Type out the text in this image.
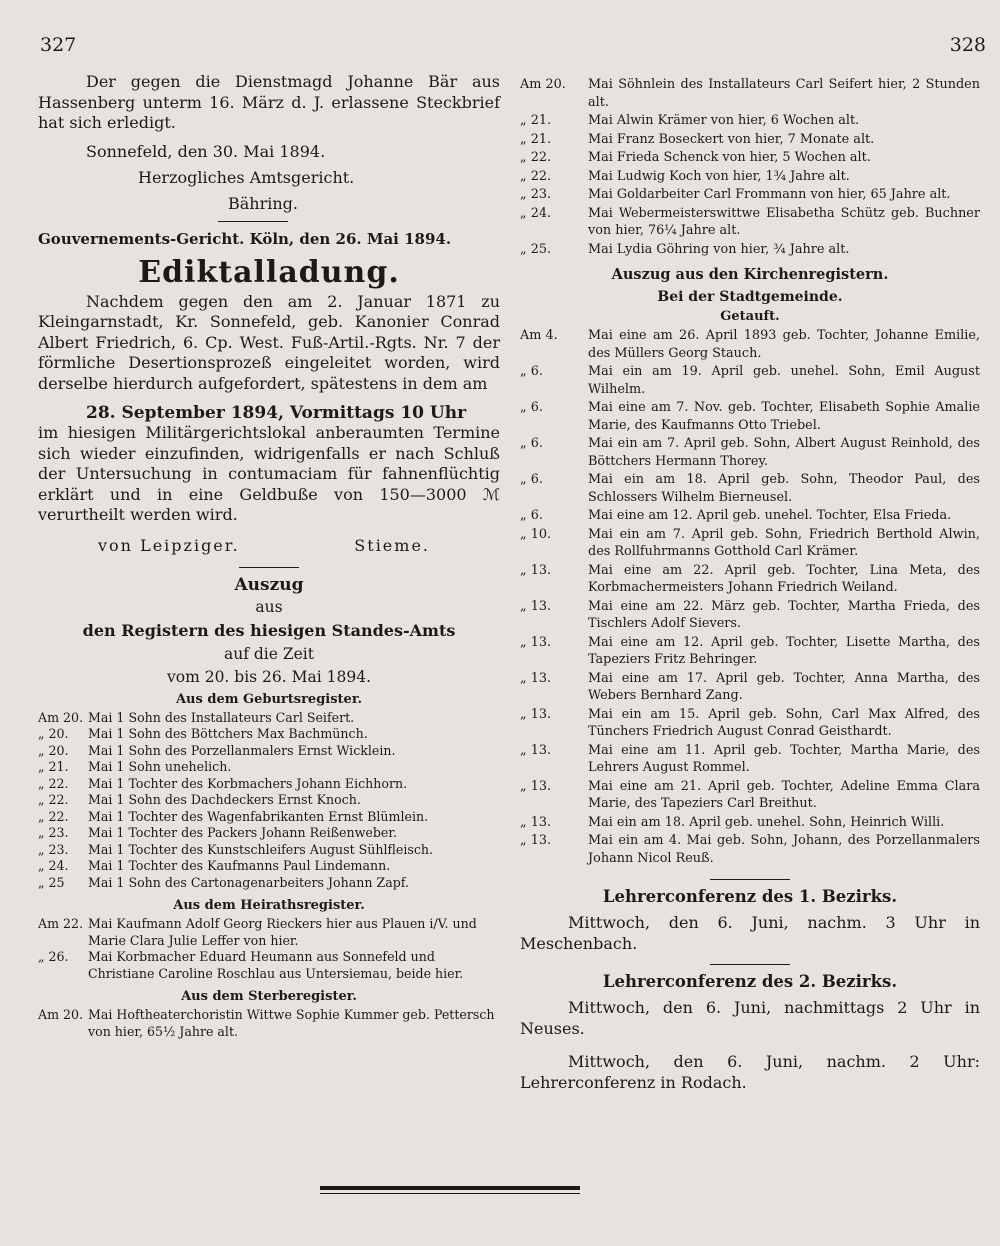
327	328

Der gegen die Dienstmagd Johanne Bär aus Hassenberg unterm 16. März d. J. erlassene Steckbrief hat sich erledigt.

Sonnefeld, den 30. Mai 1894.

Herzogliches Amtsgericht.

Bähring.

Gouvernements-Gericht. Köln, den 26. Mai 1894.

Ediktalladung.

Nachdem gegen den am 2. Januar 1871 zu Kleingarnstadt, Kr. Sonnefeld, geb. Kanonier Conrad Albert Friedrich, 6. Cp. West. Fuß-Artil.-Rgts. Nr. 7 der förmliche Desertionsprozeß eingeleitet worden, wird derselbe hierdurch aufgefordert, spätestens in dem am

28. September 1894, Vormittags 10 Uhr

im hiesigen Militärgerichtslokal anberaumten Termine sich wieder einzufinden, widrigenfalls er nach Schluß der Untersuchung in contumaciam für fahnenflüchtig erklärt und in eine Geldbuße von 150—3000 ℳ verurtheilt werden wird.

von Leipziger.	Stieme.
Auszug
aus
den Registern des hiesigen Standes-Amts
auf die Zeit
vom 20. bis 26. Mai 1894.
Aus dem Geburtsregister.
Am 20. Mai 1 Sohn des Installateurs Carl Seifert.
„ 20.	Mai 1 Sohn des Böttchers Max Bachmünch.
„ 20.	Mai 1 Sohn des Porzellanmalers Ernst Wicklein.
„ 21.	Mai 1 Sohn unehelich.
„ 22.	Mai 1 Tochter des Korbmachers Johann Eichhorn.
„ 22.	Mai 1 Sohn des Dachdeckers Ernst Knoch.
„ 22.	Mai 1 Tochter des Wagenfabrikanten Ernst Blümlein.
„ 23.	Mai 1 Tochter des Packers Johann Reißenweber.
„ 23.	Mai 1 Tochter des Kunstschleifers August Sühlfleisch.
„ 24.	Mai 1 Tochter des Kaufmanns Paul Lindemann.
„ 25	Mai 1 Sohn des Cartonagenarbeiters Johann Zapf.
Aus dem Heirathsregister.
Am 22. Mai Kaufmann Adolf Georg Rieckers hier aus Plauen i/V. und Marie Clara Julie Leffer von hier.
„ 26.	Mai Korbmacher Eduard Heumann aus Sonnefeld und Christiane Caroline Roschlau aus Untersiemau, beide hier.
Aus dem Sterberegister.
Am 20. Mai Hoftheaterchoristin Wittwe Sophie Kummer geb. Pettersch von hier, 65½ Jahre alt.
Am 20.	Mai Söhnlein des Installateurs Carl Seifert hier, 2 Stunden alt.
„ 21.	Mai Alwin Krämer von hier, 6 Wochen alt.
„ 21.	Mai Franz Boseckert von hier, 7 Monate alt.
„ 22.	Mai Frieda Schenck von hier, 5 Wochen alt.
„ 22.	Mai Ludwig Koch von hier, 1¾ Jahre alt.
„ 23.	Mai Goldarbeiter Carl Frommann von hier, 65 Jahre alt.
„ 24.	Mai Webermeisterswittwe Elisabetha Schütz geb. Buchner von hier, 76¼ Jahre alt.
„ 25.	Mai Lydia Göhring von hier, ¾ Jahre alt.
Auszug aus den Kirchenregistern.
Bei der Stadtgemeinde.
Getauft.
Am 4.	Mai eine am 26. April 1893 geb. Tochter, Johanne Emilie, des Müllers Georg Stauch.
„ 6.	Mai ein am 19. April geb. unehel. Sohn, Emil August Wilhelm.
„ 6.	Mai eine am 7. Nov. geb. Tochter, Elisabeth Sophie Amalie Marie, des Kaufmanns Otto Triebel.
„ 6.	Mai ein am 7. April geb. Sohn, Albert August Reinhold, des Böttchers Hermann Thorey.
„ 6.	Mai ein am 18. April geb. Sohn, Theodor Paul, des Schlossers Wilhelm Bierneusel.
„ 6.	Mai eine am 12. April geb. unehel. Tochter, Elsa Frieda.
„ 10.	Mai ein am 7. April geb. Sohn, Friedrich Berthold Alwin, des Rollfuhrmanns Gotthold Carl Krämer.
„ 13.	Mai eine am 22. April geb. Tochter, Lina Meta, des Korbmachermeisters Johann Friedrich Weiland.
„ 13.	Mai eine am 22. März geb. Tochter, Martha Frieda, des Tischlers Adolf Sievers.
„ 13.	Mai eine am 12. April geb. Tochter, Lisette Martha, des Tapeziers Fritz Behringer.
„ 13.	Mai eine am 17. April geb. Tochter, Anna Martha, des Webers Bernhard Zang.
„ 13.	Mai ein am 15. April geb. Sohn, Carl Max Alfred, des Tünchers Friedrich August Conrad Geisthardt.
„ 13.	Mai eine am 11. April geb. Tochter, Martha Marie, des Lehrers August Rommel.
„ 13.	Mai eine am 21. April geb. Tochter, Adeline Emma Clara Marie, des Tapeziers Carl Breithut.
„ 13.	Mai ein am 18. April geb. unehel. Sohn, Heinrich Willi.
„ 13.	Mai ein am 4. Mai geb. Sohn, Johann, des Porzellanmalers Johann Nicol Reuß.
Lehrerconferenz des 1. Bezirks.

Mittwoch, den 6. Juni, nachm. 3 Uhr in Meschenbach.

Lehrerconferenz des 2. Bezirks.

Mittwoch, den 6. Juni, nachmittags 2 Uhr in Neuses.

Mittwoch, den 6. Juni, nachm. 2 Uhr: Lehrerconferenz in Rodach.
